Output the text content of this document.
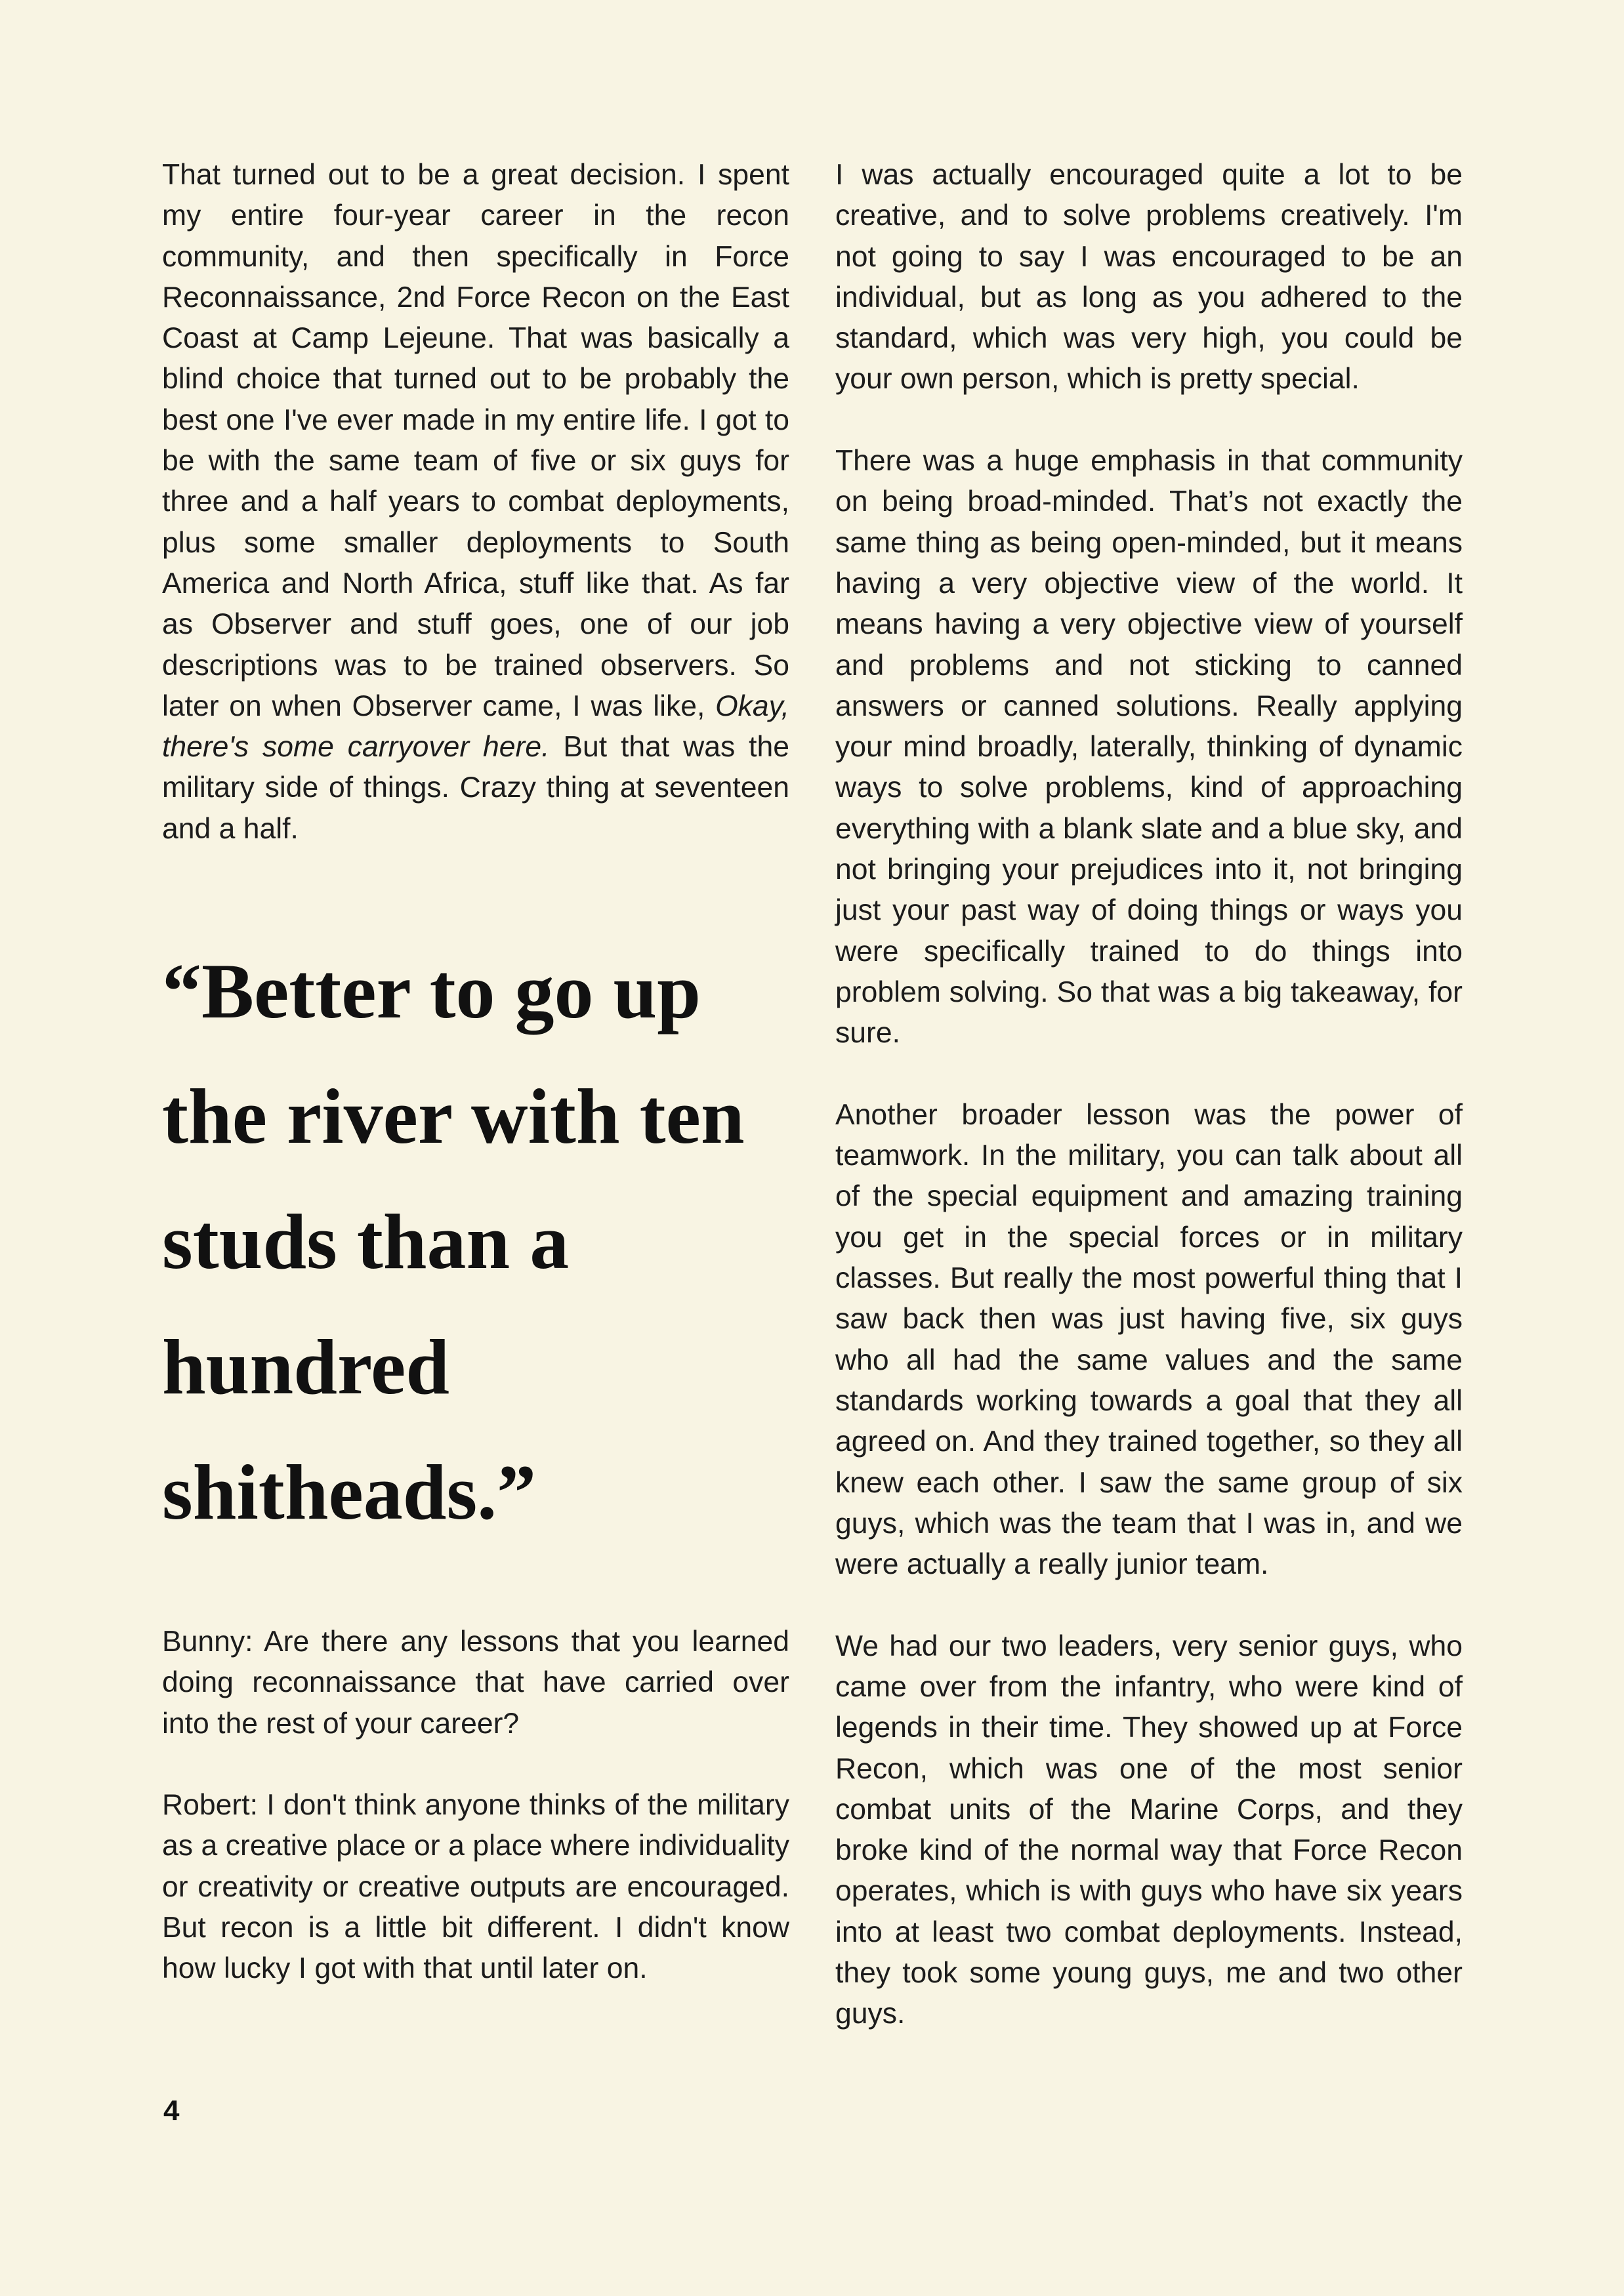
That turned out to be a great decision. I spent my entire four-year career in the recon community, and then specifically in Force Reconnaissance, 2nd Force Recon on the East Coast at Camp Lejeune. That was basically a blind choice that turned out to be probably the best one I've ever made in my entire life. I got to be with the same team of five or six guys for three and a half years to combat deployments, plus some smaller deployments to South America and North Africa, stuff like that. As far as Observer and stuff goes, one of our job descriptions was to be trained observers. So later on when Observer came, I was like, Okay, there's some carryover here. But that was the military side of things. Crazy thing at seventeen and a half.

“Better to go up the river with ten studs than a hundred shitheads.”

Bunny: Are there any lessons that you learned doing reconnaissance that have carried over into the rest of your career?

Robert: I don't think anyone thinks of the military as a creative place or a place where individuality or creativity or creative outputs are encouraged. But recon is a little bit different. I didn't know how lucky I got with that until later on.

I was actually encouraged quite a lot to be creative, and to solve problems creatively. I'm not going to say I was encouraged to be an individual, but as long as you adhered to the standard, which was very high, you could be your own person, which is pretty special.

There was a huge emphasis in that community on being broad-minded. That’s not exactly the same thing as being open-minded, but it means having a very objective view of the world. It means having a very objective view of yourself and problems and not sticking to canned answers or canned solutions. Really applying your mind broadly, laterally, thinking of dynamic ways to solve problems, kind of approaching everything with a blank slate and a blue sky, and not bringing your prejudices into it, not bringing just your past way of doing things or ways you were specifically trained to do things into problem solving. So that was a big takeaway, for sure.

Another broader lesson was the power of teamwork. In the military, you can talk about all of the special equipment and amazing training you get in the special forces or in military classes. But really the most powerful thing that I saw back then was just having five, six guys who all had the same values and the same standards working towards a goal that they all agreed on. And they trained together, so they all knew each other. I saw the same group of six guys, which was the team that I was in, and we were actually a really junior team.

We had our two leaders, very senior guys, who came over from the infantry, who were kind of legends in their time. They showed up at Force Recon, which was one of the most senior combat units of the Marine Corps, and they broke kind of the normal way that Force Recon operates, which is with guys who have six years into at least two combat deployments. Instead, they took some young guys, me and two other guys.

4
